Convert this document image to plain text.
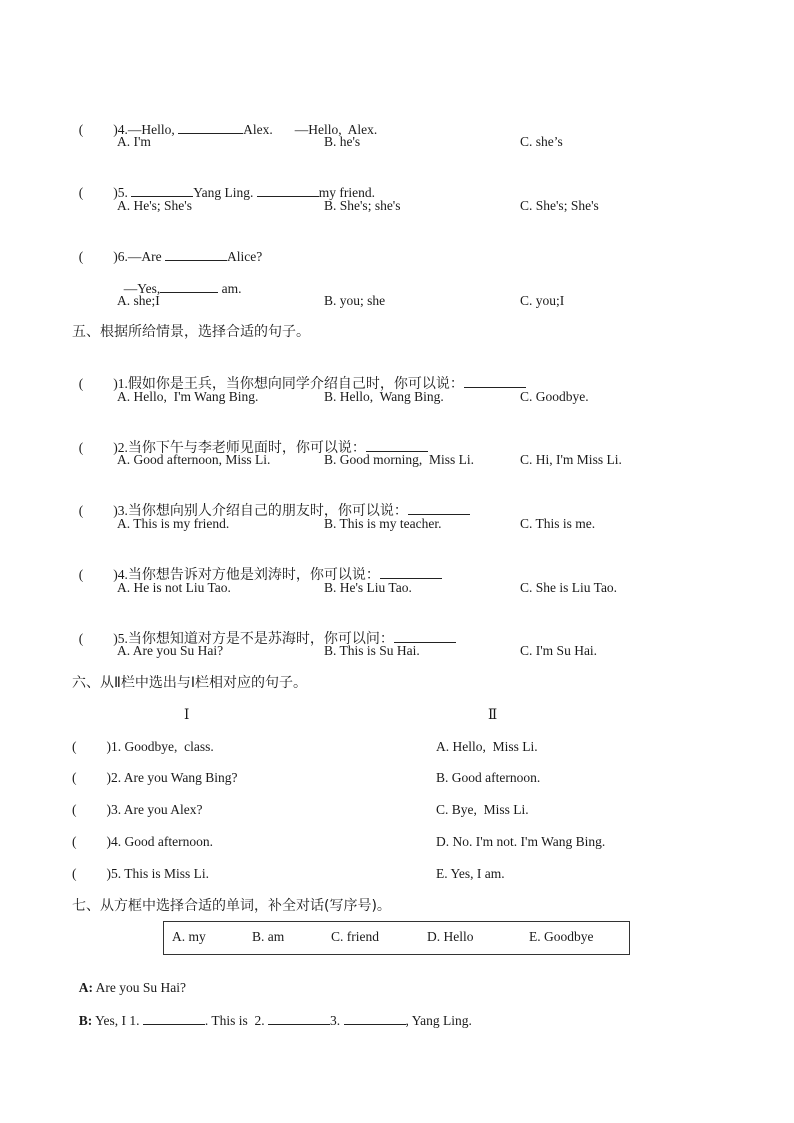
( )4.—Hello,	Alex. —Hello,  Alex.

A. I'm	B. he's	C. she’s

( )5.	Yang Ling.	my friend.

A. He's; She's	B. She's; she's	C. She's; She's

( )6.—Are	Alice?

—Yes,	am.

A. she;I	B. you; she	C. you;I
五、根据所给情景，选择合适的句子。

( )1.假如你是王兵，当你想向同学介绍自己时，你可以说：

A. Hello,  I'm Wang Bing.	B. Hello,  Wang Bing.	C. Goodbye.

( )2.当你下午与李老师见面时，你可以说：

A. Good afternoon, Miss Li.	B. Good morning,  Miss Li.	C. Hi, I'm Miss Li.

( )3.当你想向别人介绍自己的朋友时，你可以说：

A. This is my friend.	B. This is my teacher.	C. This is me.

( )4.当你想告诉对方他是刘涛时，你可以说：

A. He is not Liu Tao.	B. He's Liu Tao.	C. She is Liu Tao.

( )5.当你想知道对方是不是苏海时，你可以问：

A. Are you Su Hai?	B. This is Su Hai.	C. I'm Su Hai.
六、从Ⅱ栏中选出与Ⅰ栏相对应的句子。
Ⅰ	Ⅱ
( )1. Goodbye,  class.	A. Hello,  Miss Li.
( )2. Are you Wang Bing?	B. Good afternoon.
( )3. Are you Alex?	C. Bye,  Miss Li.
( )4. Good afternoon.	D. No. I'm not. I'm Wang Bing.
( )5. This is Miss Li.	E. Yes, I am.
七、从方框中选择合适的单词，补全对话(写序号)。
A. my	B. am	C. friend	D. Hello	E. Goodbye

A: Are you Su Hai?

B: Yes, I 1.	. This is  2.	3.	, Yang Ling.
